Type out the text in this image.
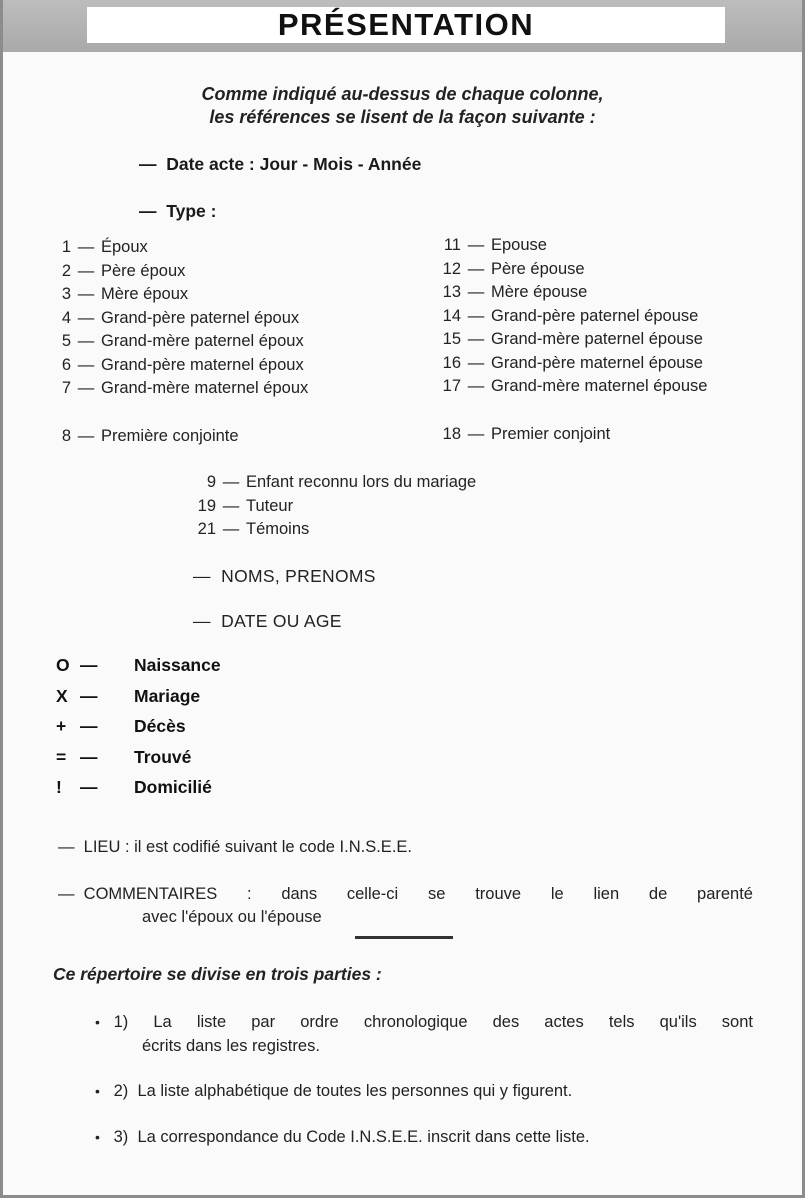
PRÉSENTATION
Comme indiqué au-dessus de chaque colonne,
les références se lisent de la façon suivante :
— Date acte : Jour - Mois - Année
— Type :
1 — Époux
2 — Père époux
3 — Mère époux
4 — Grand-père paternel époux
5 — Grand-mère paternel époux
6 — Grand-père maternel époux
7 — Grand-mère maternel époux
11 — Epouse
12 — Père épouse
13 — Mère épouse
14 — Grand-père paternel épouse
15 — Grand-mère paternel épouse
16 — Grand-père maternel épouse
17 — Grand-mère maternel épouse
8 — Première conjointe	18 — Premier conjoint
9 — Enfant reconnu lors du mariage
19 — Tuteur
21 — Témoins
— NOMS, PRENOMS
— DATE OU AGE
O — Naissance
X — Mariage
+ — Décès
= — Trouvé
! — Domicilié
— LIEU : il est codifié suivant le code I.N.S.E.E.
— COMMENTAIRES : dans celle-ci se trouve le lien de parenté
avec l'époux ou l'épouse
Ce répertoire se divise en trois parties :
• 1) La liste par ordre chronologique des actes tels qu'ils sont
écrits dans les registres.
• 2) La liste alphabétique de toutes les personnes qui y figurent.
• 3) La correspondance du Code I.N.S.E.E. inscrit dans cette liste.
